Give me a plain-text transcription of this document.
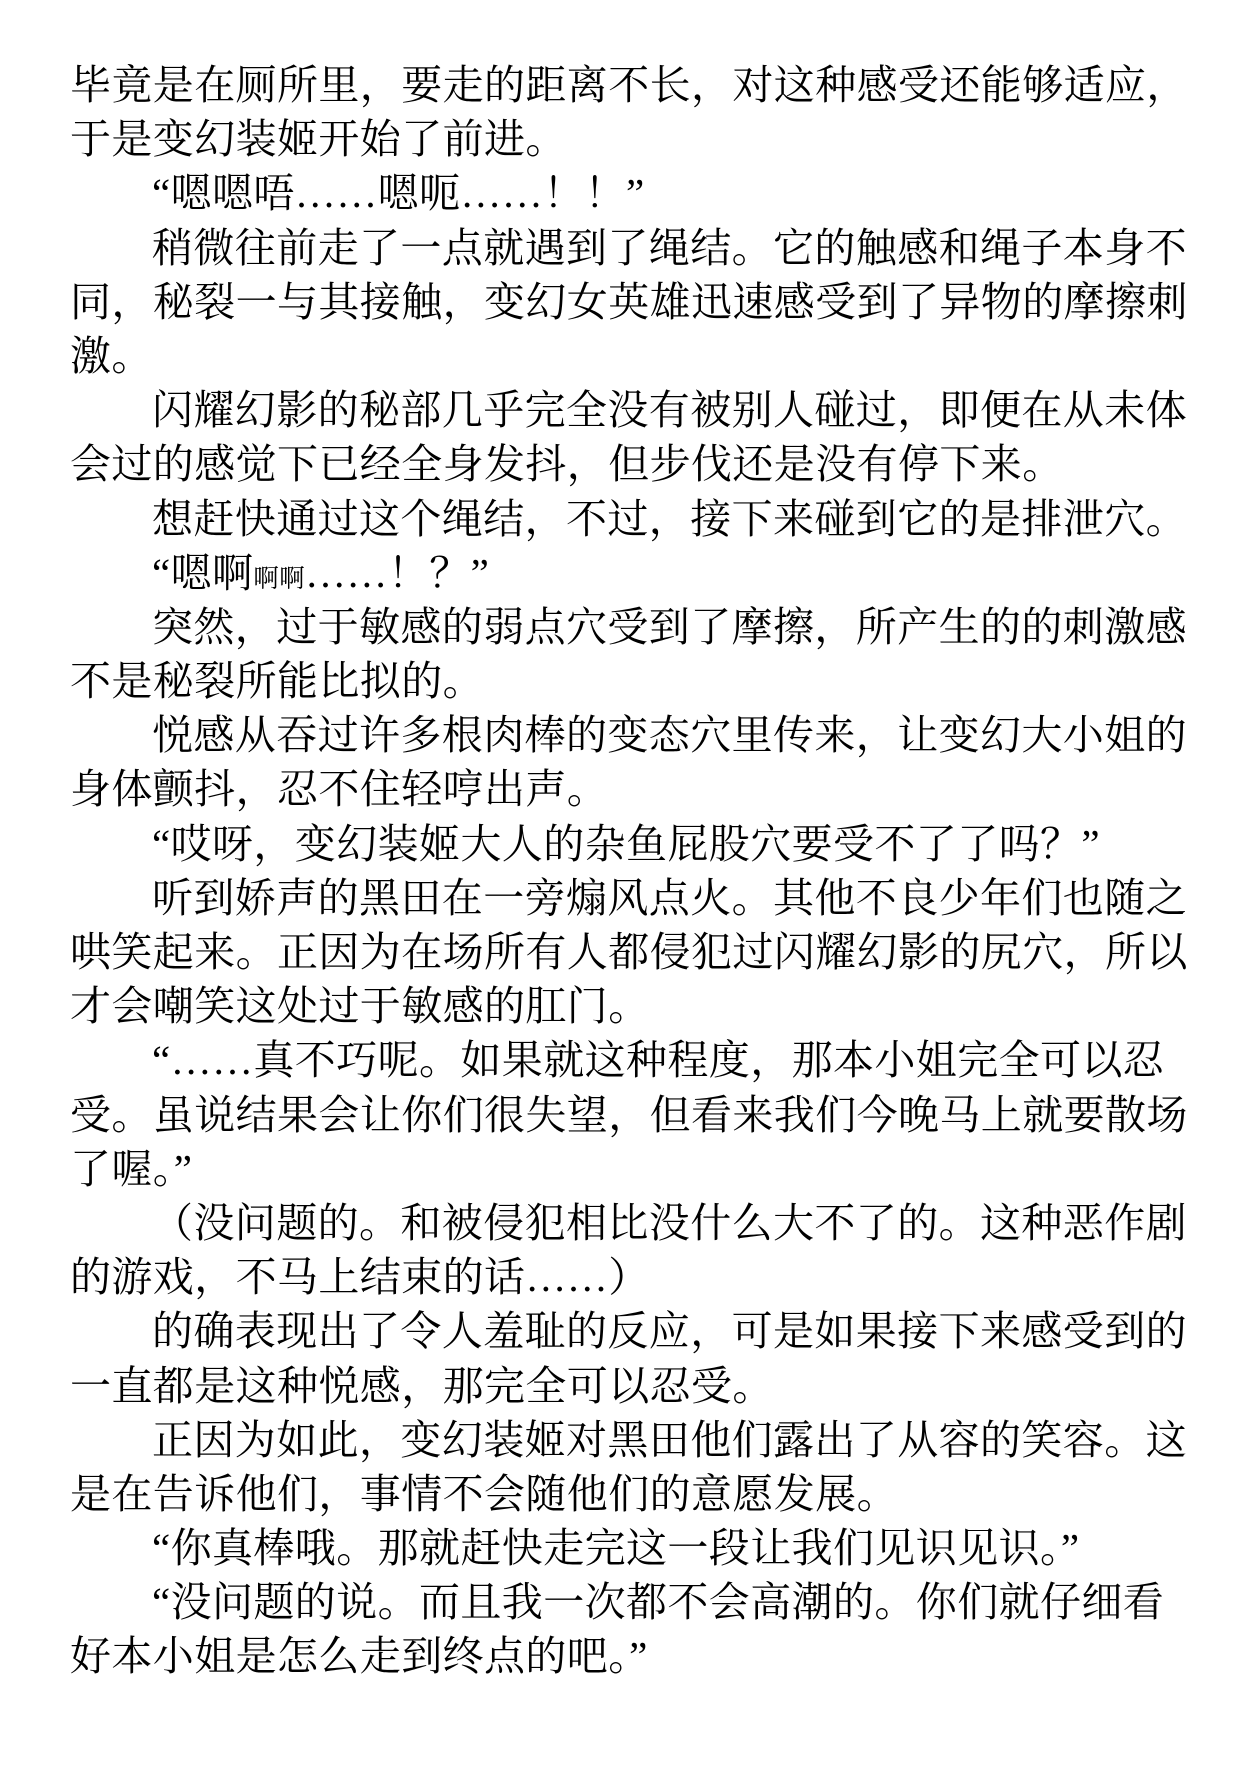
毕竟是在厕所里，要走的距离不长，对这种感受还能够适应，
于是变幻装姬开始了前进。
“嗯嗯唔……嗯呃……！！”
稍微往前走了一点就遇到了绳结。它的触感和绳子本身不
同，秘裂一与其接触，变幻女英雄迅速感受到了异物的摩擦刺
激。
闪耀幻影的秘部几乎完全没有被别人碰过，即便在从未体
会过的感觉下已经全身发抖，但步伐还是没有停下来。
想赶快通过这个绳结，不过，接下来碰到它的是排泄穴。
“嗯啊啊啊……！？”
突然，过于敏感的弱点穴受到了摩擦，所产生的的刺激感
不是秘裂所能比拟的。
悦感从吞过许多根肉棒的变态穴里传来，让变幻大小姐的
身体颤抖，忍不住轻哼出声。
“哎呀，变幻装姬大人的杂鱼屁股穴要受不了了吗？”
听到娇声的黑田在一旁煽风点火。其他不良少年们也随之
哄笑起来。正因为在场所有人都侵犯过闪耀幻影的尻穴，所以
才会嘲笑这处过于敏感的肛门。
“……真不巧呢。如果就这种程度，那本小姐完全可以忍
受。虽说结果会让你们很失望，但看来我们今晚马上就要散场
了喔。”
（没问题的。和被侵犯相比没什么大不了的。这种恶作剧
的游戏，不马上结束的话……）
的确表现出了令人羞耻的反应，可是如果接下来感受到的
一直都是这种悦感，那完全可以忍受。
正因为如此，变幻装姬对黑田他们露出了从容的笑容。这
是在告诉他们，事情不会随他们的意愿发展。
“你真棒哦。那就赶快走完这一段让我们见识见识。”
“没问题的说。而且我一次都不会高潮的。你们就仔细看
好本小姐是怎么走到终点的吧。”
